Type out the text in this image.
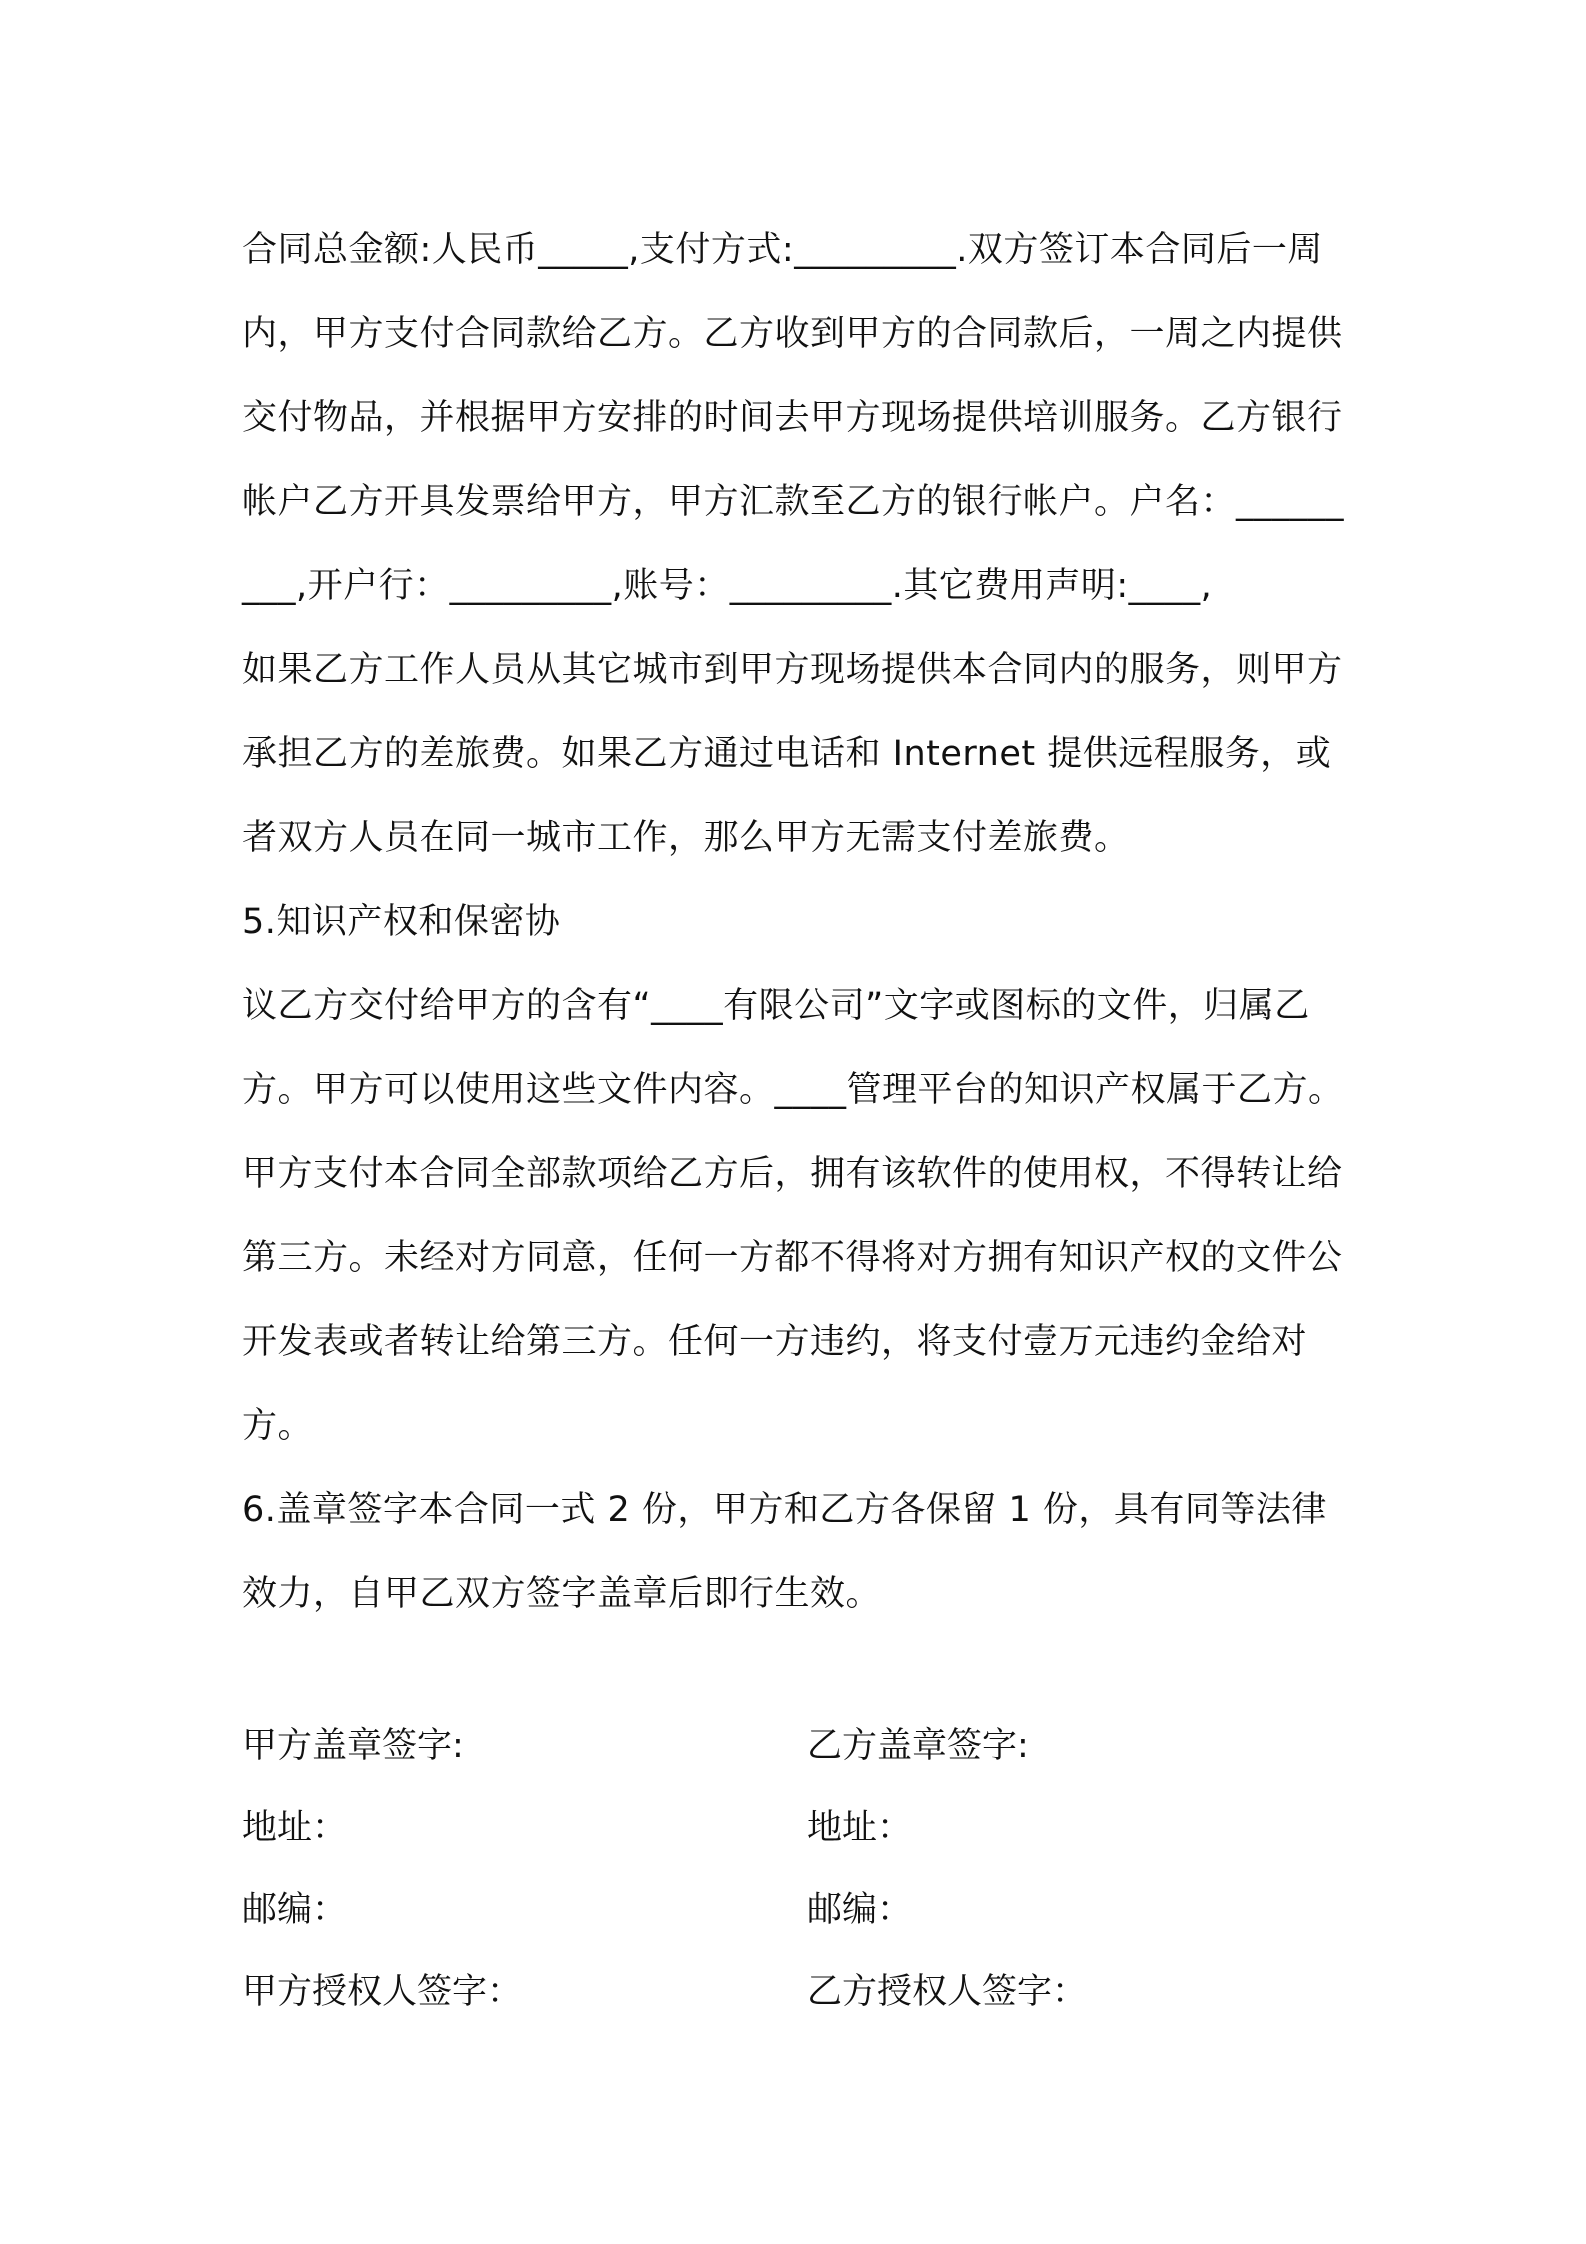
合同总金额:人民币_____,支付方式:_________.双方签订本合同后一周内，甲方支付合同款给乙方。乙方收到甲方的合同款后，一周之内提供交付物品，并根据甲方安排的时间去甲方现场提供培训服务。乙方银行帐户乙方开具发票给甲方，甲方汇款至乙方的银行帐户。户名：_________,开户行：_________,账号：_________.其它费用声明:____,

如果乙方工作人员从其它城市到甲方现场提供本合同内的服务，则甲方承担乙方的差旅费。如果乙方通过电话和 Internet 提供远程服务，或者双方人员在同一城市工作，那么甲方无需支付差旅费。

5.知识产权和保密协

议乙方交付给甲方的含有“____有限公司”文字或图标的文件，归属乙方。甲方可以使用这些文件内容。____管理平台的知识产权属于乙方。甲方支付本合同全部款项给乙方后，拥有该软件的使用权，不得转让给第三方。未经对方同意，任何一方都不得将对方拥有知识产权的文件公开发表或者转让给第三方。任何一方违约，将支付壹万元违约金给对方。

6.盖章签字本合同一式 2 份，甲方和乙方各保留 1 份，具有同等法律效力，自甲乙双方签字盖章后即行生效。

甲方盖章签字:	乙方盖章签字:
地址：	地址：
邮编：	邮编：
甲方授权人签字：	乙方授权人签字：
